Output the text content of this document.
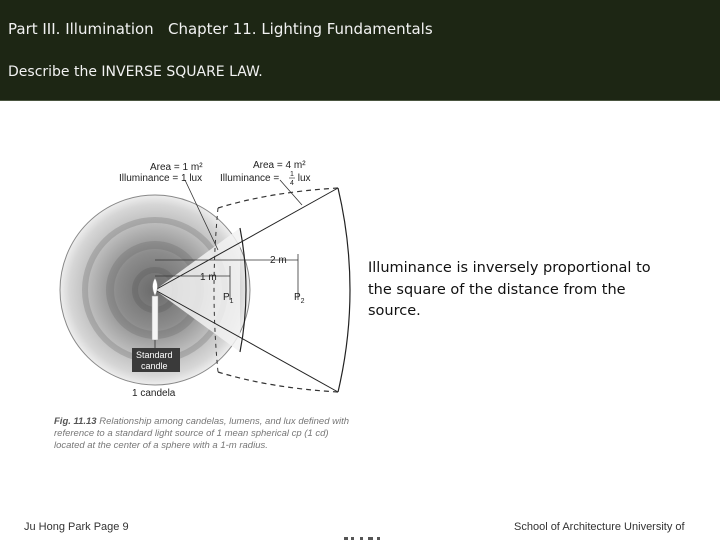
Part III. Illumination   Chapter 11. Lighting Fundamentals
Describe the INVERSE SQUARE LAW.
Area = 1 m²
Illuminance = 1 lux
Area = 4 m²
Illuminance = 1
4 lux
1 m
2 m
$P_1$	$P_2$
Standard
candle
1 candela
Fig. 11.13 Relationship among candelas, lumens, and lux defined with reference to a standard light source of 1 mean spherical cp (1 cd) located at the center of a sphere with a 1-m radius.
Illuminance is inversely proportional to the square of the distance from the source.
Ju Hong Park Page 9	School of Architecture University of
